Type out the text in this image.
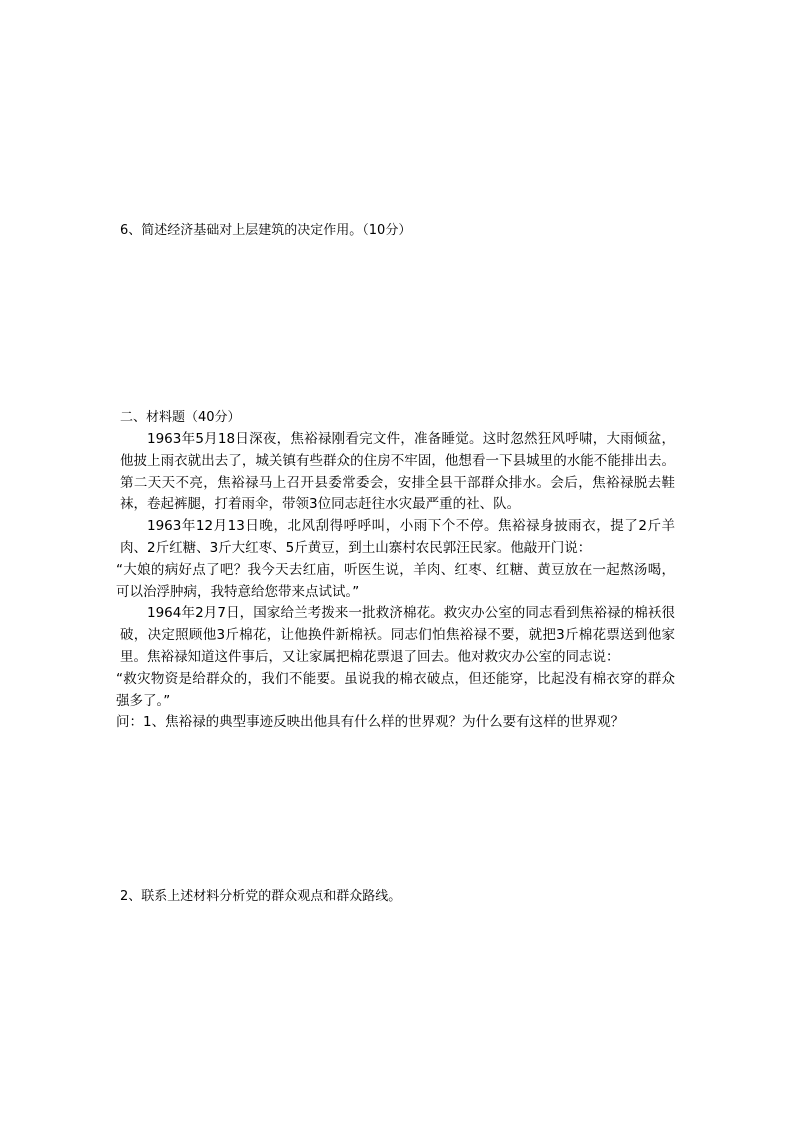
6、简述经济基础对上层建筑的决定作用。（10分）

二、材料题（40分）

1963年5月18日深夜，焦裕禄刚看完文件，准备睡觉。这时忽然狂风呼啸，大雨倾盆，他披上雨衣就出去了，城关镇有些群众的住房不牢固，他想看一下县城里的水能不能排出去。第二天天不亮，焦裕禄马上召开县委常委会，安排全县干部群众排水。会后，焦裕禄脱去鞋袜，卷起裤腿，打着雨伞，带领3位同志赶往水灾最严重的社、队。
1963年12月13日晚，北风刮得呼呼叫，小雨下个不停。焦裕禄身披雨衣，提了2斤羊肉、2斤红糖、3斤大红枣、5斤黄豆，到土山寨村农民郭汪民家。他敲开门说：
“大娘的病好点了吧？我今天去红庙，听医生说，羊肉、红枣、红糖、黄豆放在一起熬汤喝，可以治浮肿病，我特意给您带来点试试。”
1964年2月7日，国家给兰考拨来一批救济棉花。救灾办公室的同志看到焦裕禄的棉袄很破，决定照顾他3斤棉花，让他换件新棉袄。同志们怕焦裕禄不要，就把3斤棉花票送到他家里。焦裕禄知道这件事后，又让家属把棉花票退了回去。他对救灾办公室的同志说：
“救灾物资是给群众的，我们不能要。虽说我的棉衣破点，但还能穿，比起没有棉衣穿的群众强多了。”
问：1、焦裕禄的典型事迹反映出他具有什么样的世界观？为什么要有这样的世界观？

2、联系上述材料分析党的群众观点和群众路线。
